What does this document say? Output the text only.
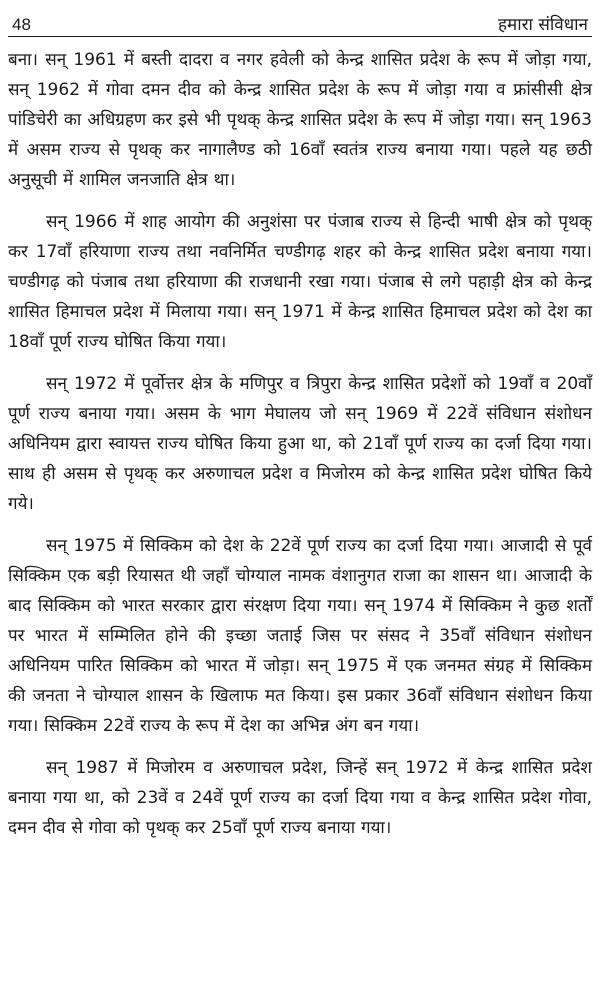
48	हमारा संविधान

बना। सन् 1961 में बस्ती दादरा व नगर हवेली को केन्द्र शासित प्रदेश के रूप में जोड़ा गया, सन् 1962 में गोवा दमन दीव को केन्द्र शासित प्रदेश के रूप में जोड़ा गया व फ्रांसीसी क्षेत्र पांडिचेरी का अधिग्रहण कर इसे भी पृथक् केन्द्र शासित प्रदेश के रूप में जोड़ा गया। सन् 1963 में असम राज्य से पृथक् कर नागालैण्ड को 16वाँ स्वतंत्र राज्य बनाया गया। पहले यह छठी अनुसूची में शामिल जनजाति क्षेत्र था।

सन् 1966 में शाह आयोग की अनुशंसा पर पंजाब राज्य से हिन्दी भाषी क्षेत्र को पृथक् कर 17वाँ हरियाणा राज्य तथा नवनिर्मित चण्डीगढ़ शहर को केन्द्र शासित प्रदेश बनाया गया। चण्डीगढ़ को पंजाब तथा हरियाणा की राजधानी रखा गया। पंजाब से लगे पहाड़ी क्षेत्र को केन्द्र शासित हिमाचल प्रदेश में मिलाया गया। सन् 1971 में केन्द्र शासित हिमाचल प्रदेश को देश का 18वाँ पूर्ण राज्य घोषित किया गया।

सन् 1972 में पूर्वोत्तर क्षेत्र के मणिपुर व त्रिपुरा केन्द्र शासित प्रदेशों को 19वाँ व 20वाँ पूर्ण राज्य बनाया गया। असम के भाग मेघालय जो सन् 1969 में 22वें संविधान संशोधन अधिनियम द्वारा स्वायत्त राज्य घोषित किया हुआ था, को 21वाँ पूर्ण राज्य का दर्जा दिया गया। साथ ही असम से पृथक् कर अरुणाचल प्रदेश व मिजोरम को केन्द्र शासित प्रदेश घोषित किये गये।

सन् 1975 में सिक्किम को देश के 22वें पूर्ण राज्य का दर्जा दिया गया। आजादी से पूर्व सिक्किम एक बड़ी रियासत थी जहाँ चोग्याल नामक वंशानुगत राजा का शासन था। आजादी के बाद सिक्किम को भारत सरकार द्वारा संरक्षण दिया गया। सन् 1974 में सिक्किम ने कुछ शर्तों पर भारत में सम्मिलित होने की इच्छा जताई जिस पर संसद ने 35वाँ संविधान संशोधन अधिनियम पारित सिक्किम को भारत में जोड़ा। सन् 1975 में एक जनमत संग्रह में सिक्किम की जनता ने चोग्याल शासन के खिलाफ मत किया। इस प्रकार 36वाँ संविधान संशोधन किया गया। सिक्किम 22वें राज्य के रूप में देश का अभिन्न अंग बन गया।

सन् 1987 में मिजोरम व अरुणाचल प्रदेश, जिन्हें सन् 1972 में केन्द्र शासित प्रदेश बनाया गया था, को 23वें व 24वें पूर्ण राज्य का दर्जा दिया गया व केन्द्र शासित प्रदेश गोवा, दमन दीव से गोवा को पृथक् कर 25वाँ पूर्ण राज्य बनाया गया।
